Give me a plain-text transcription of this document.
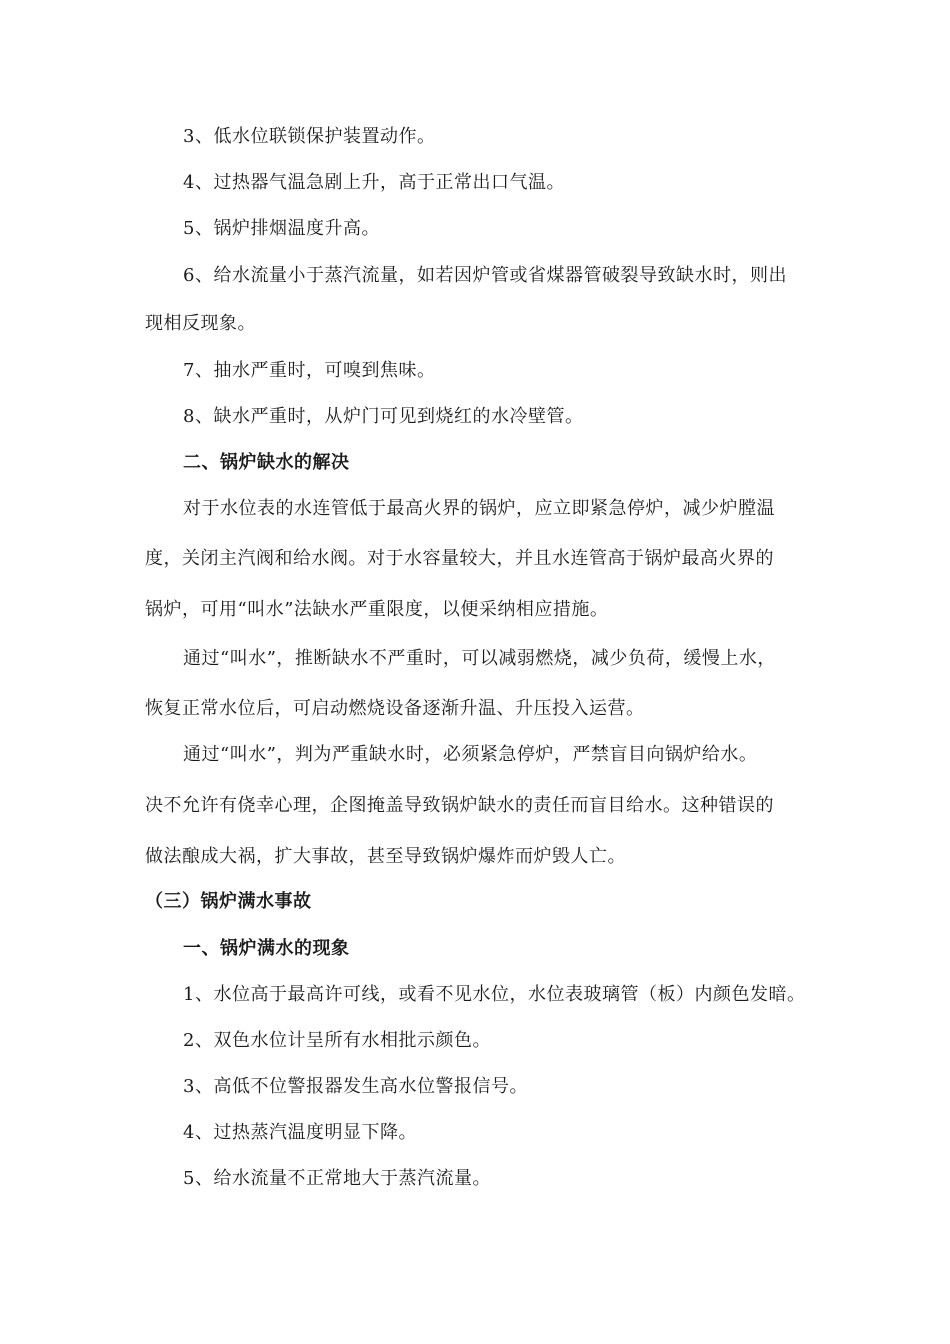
3、低水位联锁保护装置动作。
4、过热器气温急剧上升，高于正常出口气温。
5、锅炉排烟温度升高。
6、给水流量小于蒸汽流量，如若因炉管或省煤器管破裂导致缺水时，则出
现相反现象。
7、抽水严重时，可嗅到焦味。
8、缺水严重时，从炉门可见到烧红的水冷壁管。
二、锅炉缺水的解决
对于水位表的水连管低于最高火界的锅炉，应立即紧急停炉，减少炉膛温
度，关闭主汽阀和给水阀。对于水容量较大，并且水连管高于锅炉最高火界的
锅炉，可用“叫水”法缺水严重限度，以便采纳相应措施。
通过“叫水”，推断缺水不严重时，可以减弱燃烧，减少负荷，缓慢上水，
恢复正常水位后，可启动燃烧设备逐渐升温、升压投入运营。
通过“叫水”，判为严重缺水时，必须紧急停炉，严禁盲目向锅炉给水。
决不允许有侥幸心理，企图掩盖导致锅炉缺水的责任而盲目给水。这种错误的
做法酿成大祸，扩大事故，甚至导致锅炉爆炸而炉毁人亡。
（三）锅炉满水事故
一、锅炉满水的现象
1、水位高于最高许可线，或看不见水位，水位表玻璃管（板）内颜色发暗。
2、双色水位计呈所有水相批示颜色。
3、高低不位警报器发生高水位警报信号。
4、过热蒸汽温度明显下降。
5、给水流量不正常地大于蒸汽流量。
